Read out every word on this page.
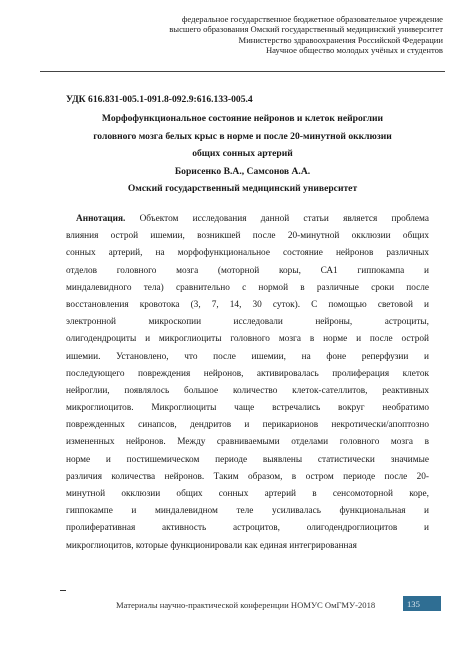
федеральное государственное бюджетное образовательное учреждение
высшего образования Омский государственный медицинский университет
Министерство здравоохранения Российской Федерации
Научное общество молодых учёных и студентов
УДК 616.831-005.1-091.8-092.9:616.133-005.4
Морфофункциональное состояние нейронов и клеток нейроглии
головного мозга белых крыс в норме и после 20-минутной окклюзии
общих сонных артерий
Борисенко В.А., Самсонов А.А.
Омский государственный медицинский университет
Аннотация. Объектом исследования данной статьи является проблема
влияния острой ишемии, возникшей после 20-минутной окклюзии общих
сонных артерий, на морфофункциональное состояние нейронов различных
отделов головного мозга (моторной коры, СА1 гиппокампа и
миндалевидного тела) сравнительно с нормой в различные сроки после
восстановления кровотока (3, 7, 14, 30 суток). С помощью световой и
электронной микроскопии исследовали нейроны, астроциты,
олигодендроциты и микроглиоциты головного мозга в норме и после острой
ишемии. Установлено, что после ишемии, на фоне реперфузии и
последующего повреждения нейронов, активировалась пролиферация клеток
нейроглии, появлялось большое количество клеток-сателлитов, реактивных
микроглиоцитов. Микроглиоциты чаще встречались вокруг необратимо
поврежденных синапсов, дендритов и перикарионов некротически/апоптозно
измененных нейронов. Между сравниваемыми отделами головного мозга в
норме и постишемическом периоде выявлены статистически значимые
различия количества нейронов. Таким образом, в остром периоде после 20-
минутной окклюзии общих сонных артерий в сенсомоторной коре,
гиппокампе и миндалевидном теле усиливалась функциональная и
пролиферативная активность астроцитов, олигодендроглиоцитов и
микроглиоцитов, которые функционировали как единая интегрированная
Материалы научно-практической конференции НОМУС ОмГМУ-2018	135
